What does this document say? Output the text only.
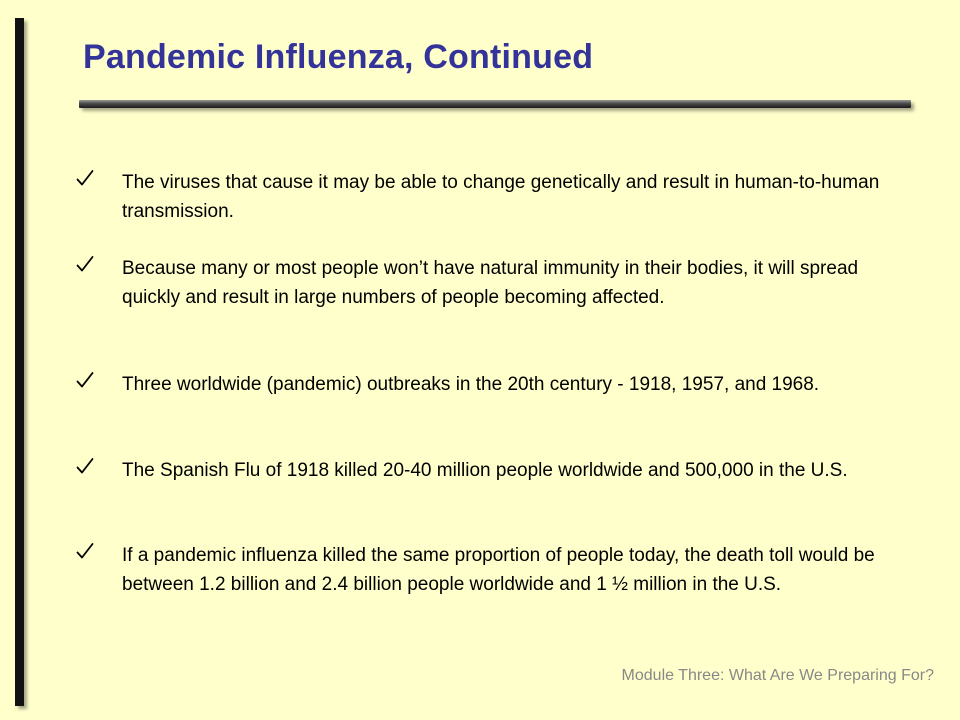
Pandemic Influenza, Continued

The viruses that cause it may be able to change genetically and result in human-to-human transmission.

Because many or most people won’t have natural immunity in their bodies, it will spread quickly and result in large numbers of people becoming affected.

Three worldwide (pandemic) outbreaks in the 20th century - 1918, 1957, and 1968.

The Spanish Flu of 1918 killed 20-40 million people worldwide and 500,000 in the U.S.

If a pandemic influenza killed the same proportion of people today, the death toll would be between 1.2 billion and 2.4 billion people worldwide and 1 ½ million in the U.S.

Module Three: What Are We Preparing For?
